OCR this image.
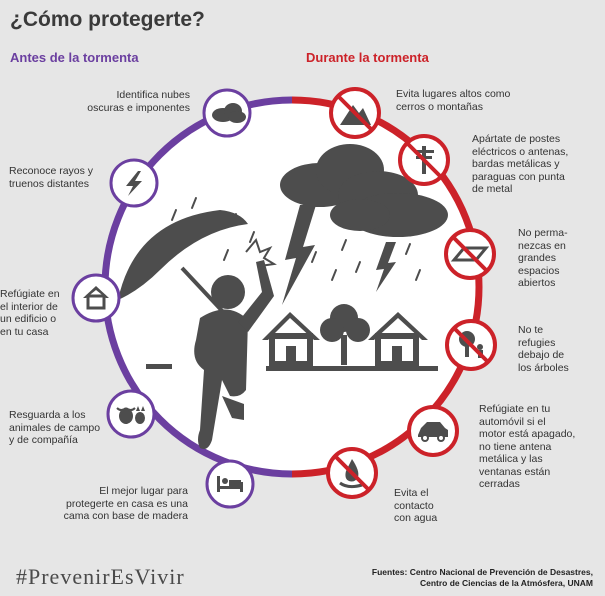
¿Cómo protegerte?
Antes de la tormenta	Durante la tormenta
Identifica nubes
oscuras e imponentes
Reconoce rayos y
truenos distantes
Refúgiate en
el interior de
un edificio o
en tu casa
Resguarda a los
animales de campo
y de compañía
El mejor lugar para
protegerte en casa es una
cama con base de madera
Evita lugares altos como
cerros o montañas
Apártate de postes
eléctricos o antenas,
bardas metálicas y
paraguas con punta
de metal
No perma-
nezcas en
grandes
espacios
abiertos
No te
refugies
debajo de
los árboles
Refúgiate en tu
automóvil si el
motor está apagado,
no tiene antena
metálica y las
ventanas están
cerradas
Evita el
contacto
con agua
#PrevenirEsVivir	Fuentes: Centro Nacional de Prevención de Desastres,
Centro de Ciencias de la Atmósfera, UNAM
